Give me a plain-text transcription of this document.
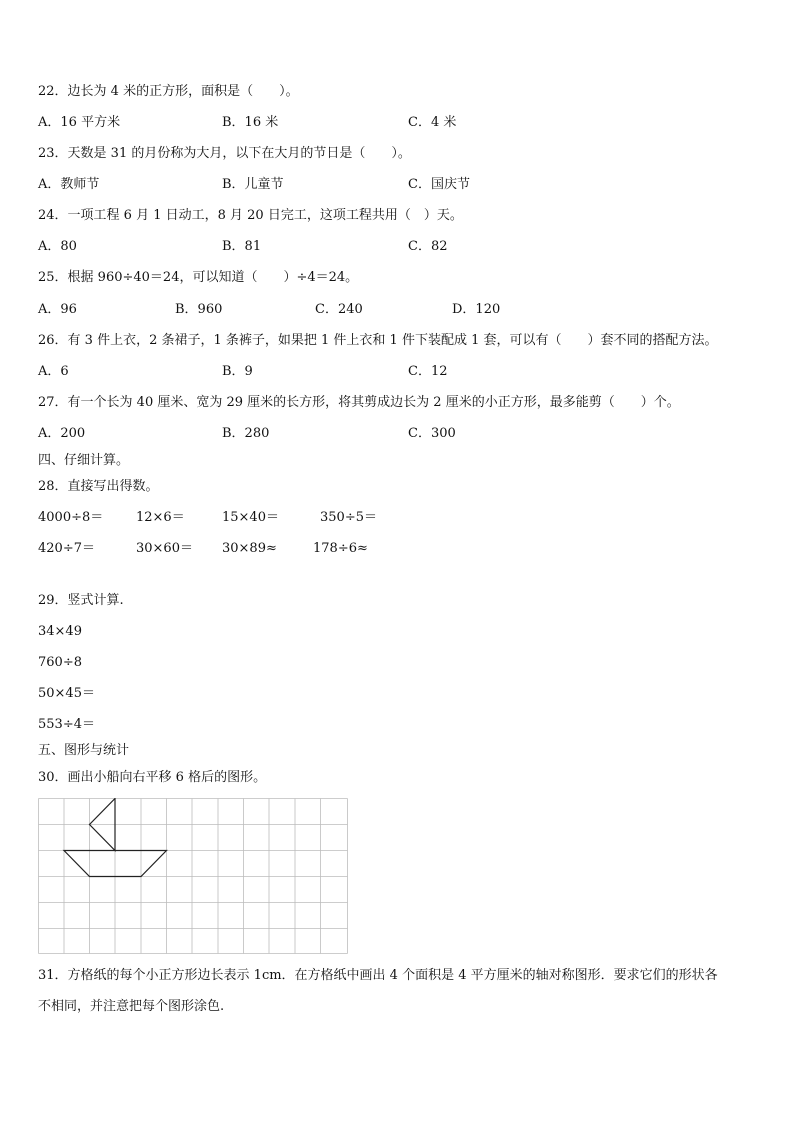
22．边长为 4 米的正方形，面积是（　　）。
A．16 平方米	B．16 米	C．4 米
23．天数是 31 的月份称为大月，以下在大月的节日是（　　）。
A．教师节	B．儿童节	C．国庆节
24．一项工程 6 月 1 日动工，8 月 20 日完工，这项工程共用（　）天。
A．80	B．81	C．82
25．根据 960÷40＝24，可以知道（　　）÷4＝24。
A．96	B．960	C．240	D．120
26．有 3 件上衣，2 条裙子，1 条裤子，如果把 1 件上衣和 1 件下装配成 1 套，可以有（　　）套不同的搭配方法。
A．6	B．9	C．12
27．有一个长为 40 厘米、宽为 29 厘米的长方形，将其剪成边长为 2 厘米的小正方形，最多能剪（　　）个。
A．200	B．280	C．300
四、仔细计算。
28．直接写出得数。
4000÷8＝	12×6＝	15×40＝	350÷5＝
420÷7＝	30×60＝ 30×89≈	178÷6≈
29．竖式计算.
34×49
760÷8
50×45＝
553÷4＝
五、图形与统计
30．画出小船向右平移 6 格后的图形。
31．方格纸的每个小正方形边长表示 1cm．在方格纸中画出 4 个面积是 4 平方厘米的轴对称图形．要求它们的形状各
不相同，并注意把每个图形涂色.
